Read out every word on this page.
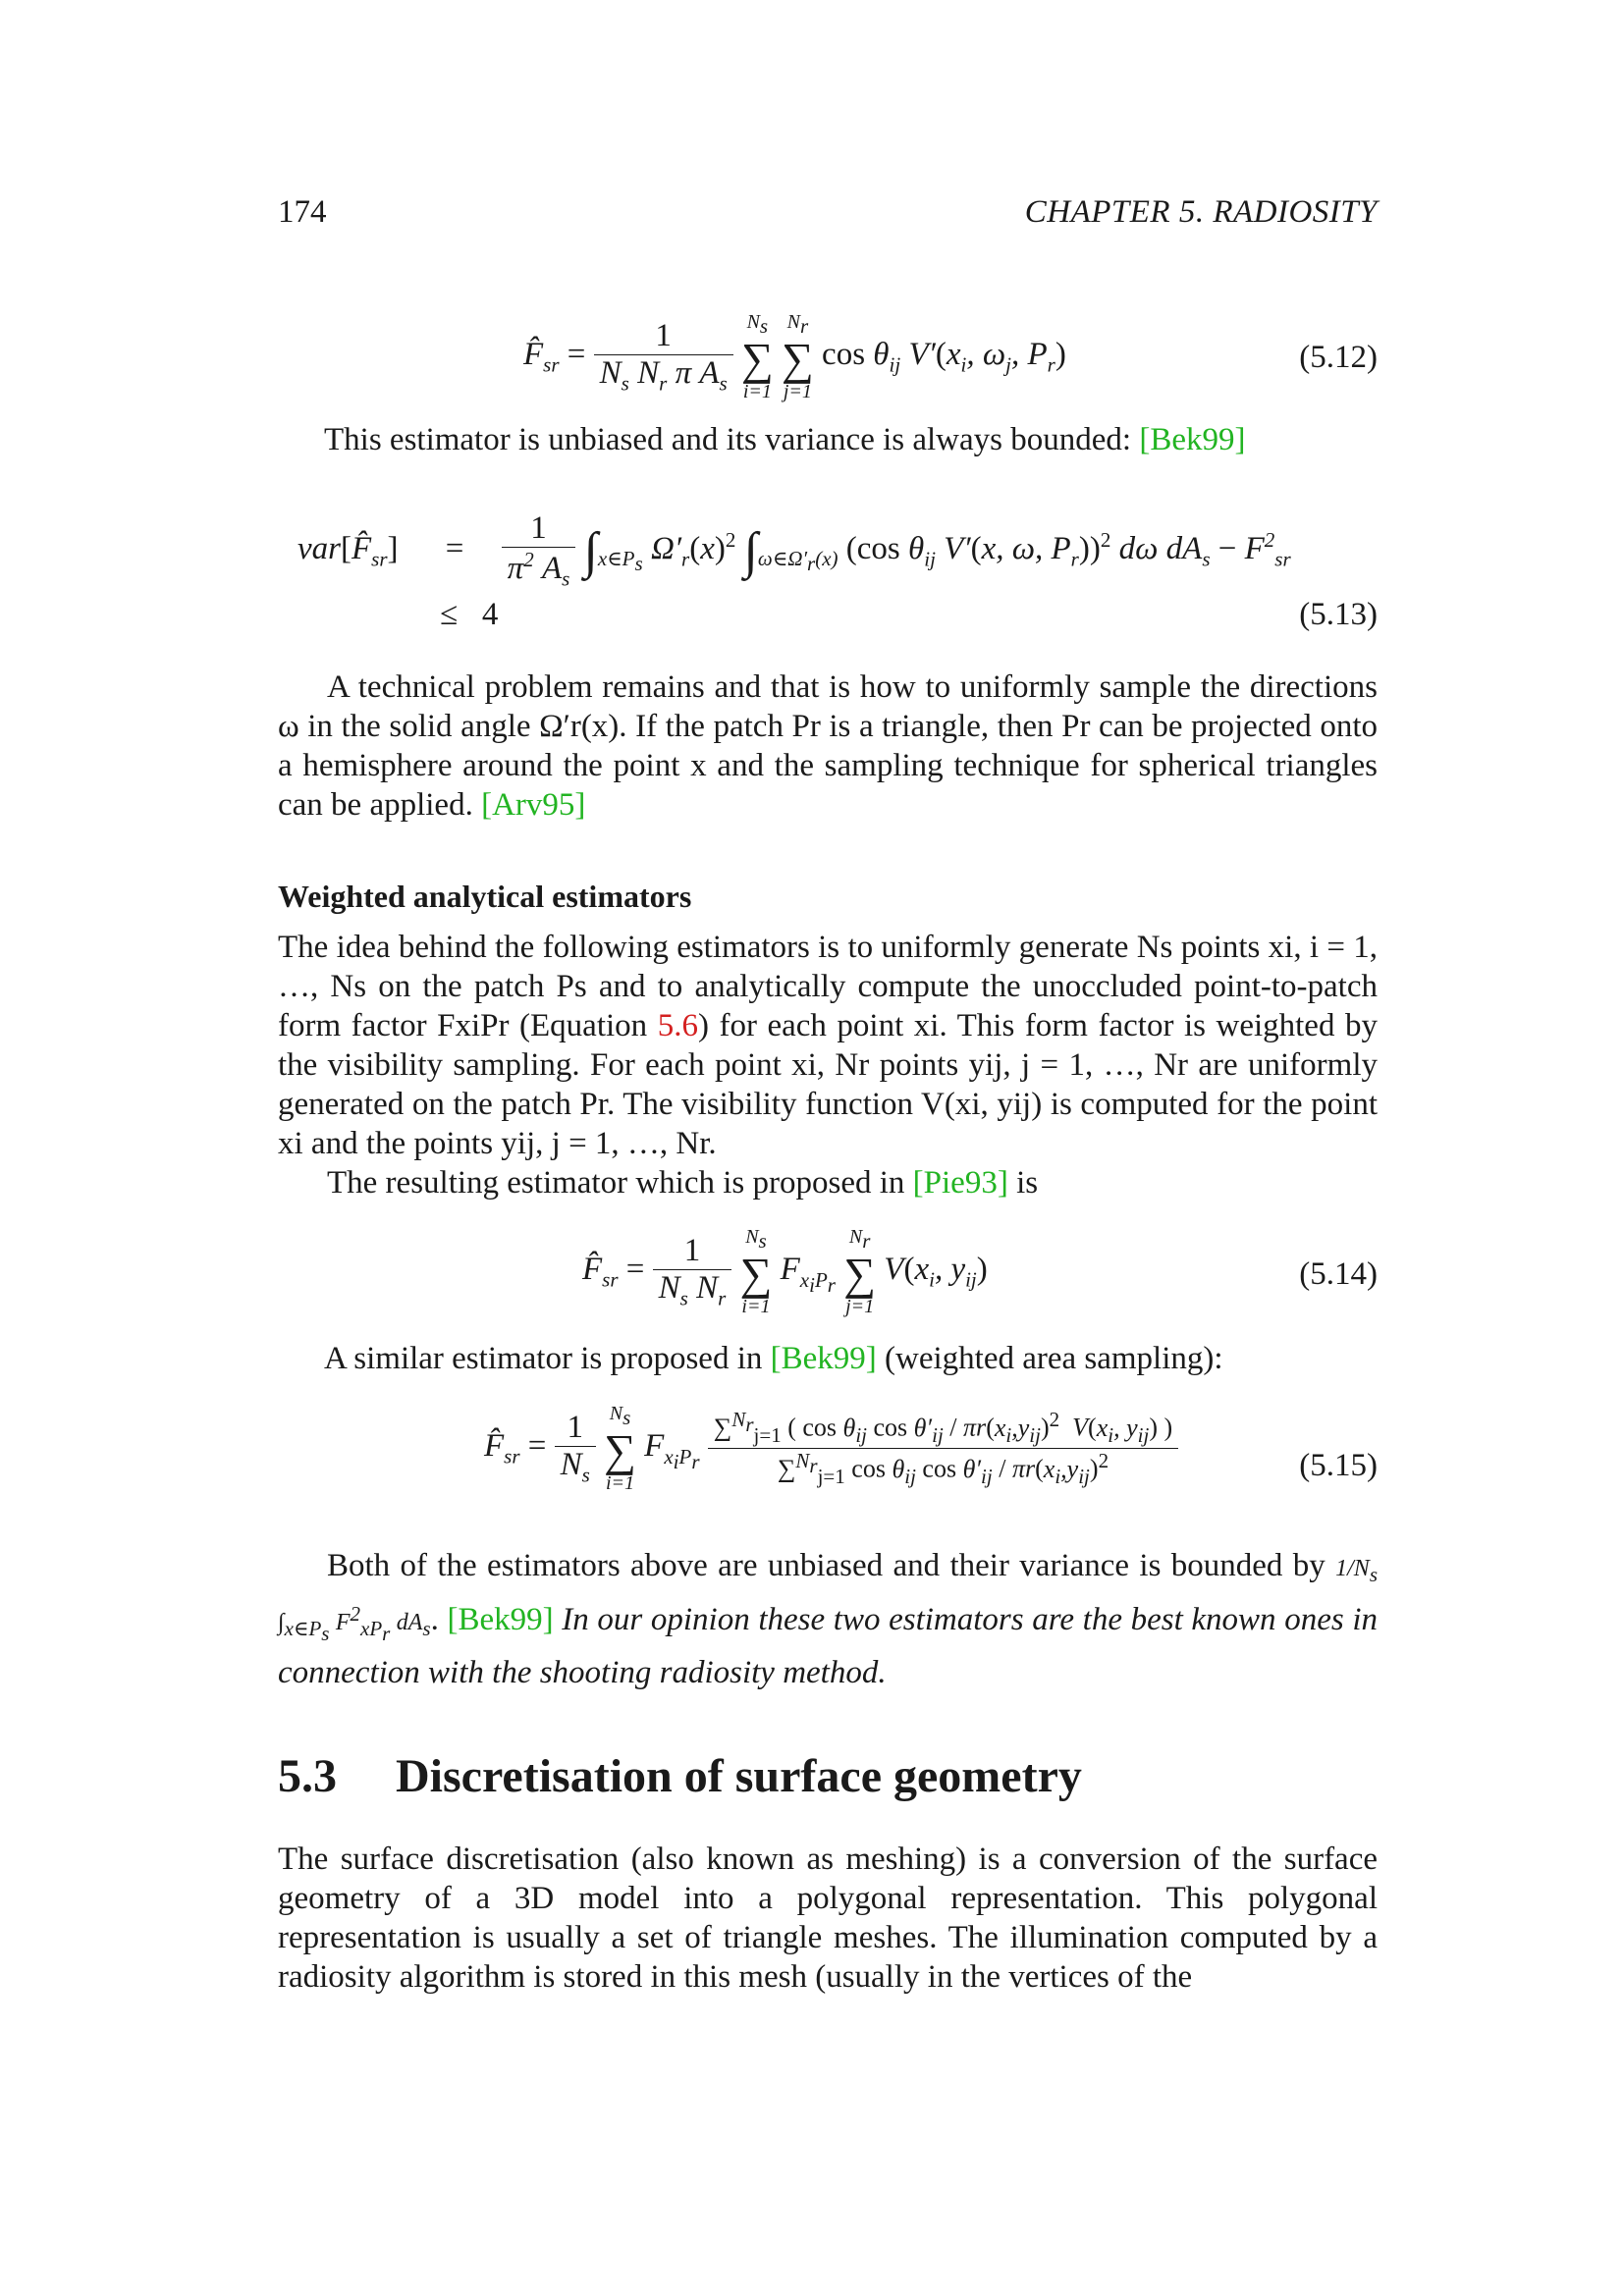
174	CHAPTER 5. RADIOSITY
$F̂_{sr} = \frac{1}{N_s N_r \pi A_s}$
$N_s$
∑
i=1

$N_r$
∑
j=1
$\cos \theta_{ij}$ $V'(x_i$, $\omega_j$, $P_r$)	(5.12)

This estimator is unbiased and its variance is always bounded: [Bek99]

$var[F̂_{sr}] = \frac{1}{\pi^2 A_s} \int_{x\in P_s}$ $\Omega'_r(x)^2$ $\int_{\omega\in\Omega'_r(x)}$ (cos $\theta_{ij}$ V′(x, ω, $P_r))^2$ dω $dA_s - F^2_{sr}$
≤   4	(5.13)

A technical problem remains and that is how to uniformly sample the directions ω in the solid angle Ω′r(x). If the patch Pr is a triangle, then Pr can be projected onto a hemisphere around the point x and the sampling technique for spherical triangles can be applied. [Arv95]

Weighted analytical estimators

The idea behind the following estimators is to uniformly generate Ns points xi, i = 1, …, Ns on the patch Ps and to analytically compute the unoccluded point-to-patch form factor FxiPr (Equation 5.6) for each point xi. This form factor is weighted by the visibility sampling. For each point xi, Nr points yij, j = 1, …, Nr are uniformly generated on the patch Pr. The visibility function V(xi, yij) is computed for the point xi and the points yij, j = 1, …, Nr.

The resulting estimator which is proposed in [Pie93] is

$F̂_{sr} = \frac{1}{N_s N_r}$
$N_s$
∑
i=1
$F_{x_iP_r}$
$N_r$
∑
j=1
$V(x_i$, $y_{ij}$)	(5.14)

A similar estimator is proposed in [Bek99] (weighted area sampling):

$F̂_{sr} = \frac{1}{N_s}$
$N_s$
∑
i=1
$F_{x_iP_r} \frac{\sum^{N_r}_{j=1} ( \cos \theta_{ij} \cos \theta'_{ij} / \pi r(x_i,y_{ij})^2 V(x_i, y_{ij}) )}{\sum^{N_r}_{j=1} \cos \theta_{ij} \cos \theta'_{ij} / \pi r(x_i,y_{ij})^2}$	(5.15)

Both of the estimators above are unbiased and their variance is bounded by $1/N_s$ $\int_{x\in P_s}$ $F^2_{xP_r}$ $dA_s$. [Bek99] In our opinion these two estimators are the best known ones in connection with the shooting radiosity method.

5.3 Discretisation of surface geometry

The surface discretisation (also known as meshing) is a conversion of the surface geometry of a 3D model into a polygonal representation. This polygonal representation is usually a set of triangle meshes. The illumination computed by a radiosity algorithm is stored in this mesh (usually in the vertices of the
